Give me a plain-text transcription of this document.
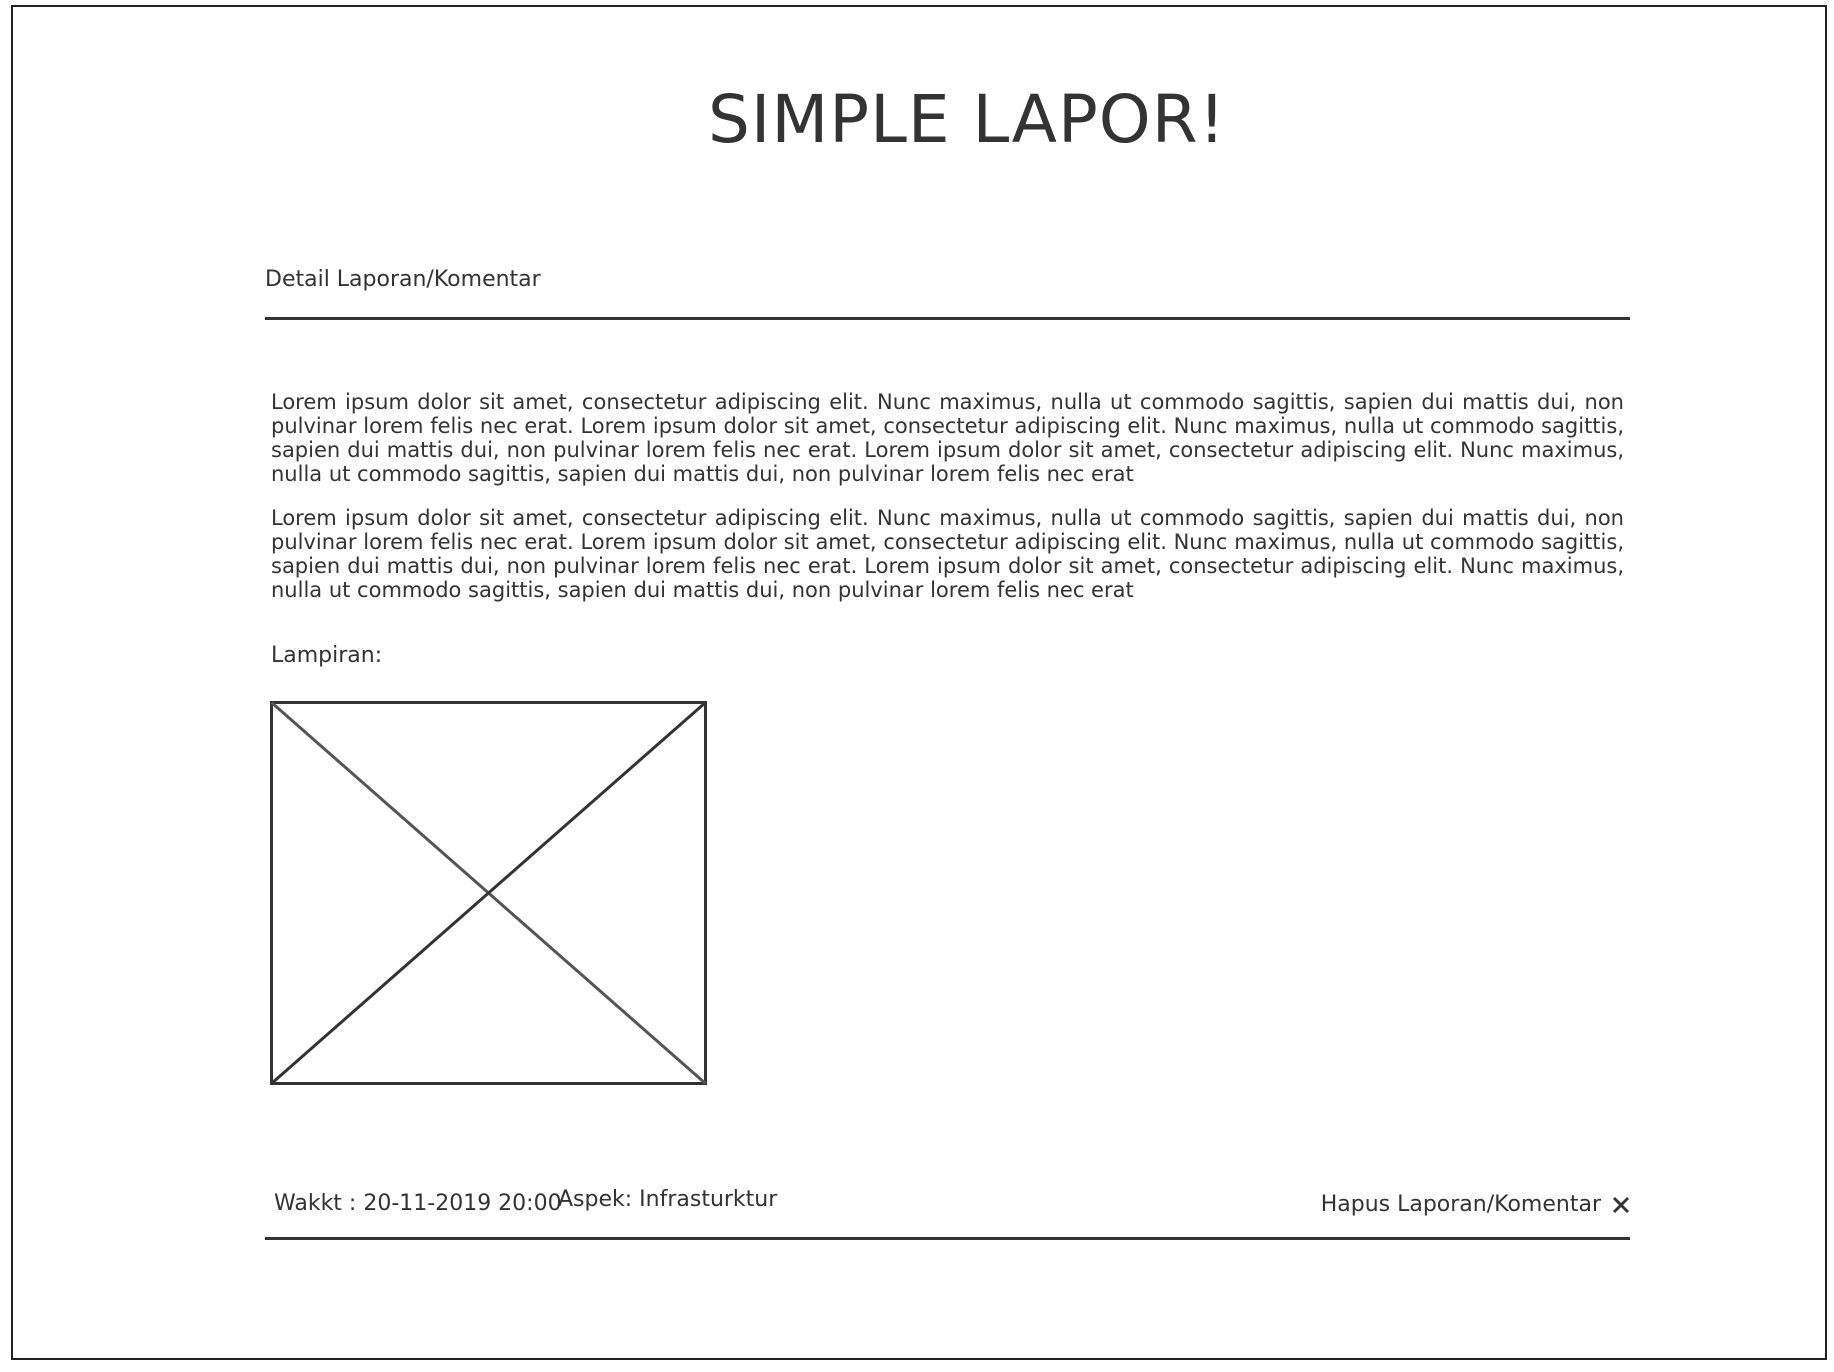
SIMPLE LAPOR!
Detail Laporan/Komentar

Lorem ipsum dolor sit amet, consectetur adipiscing elit. Nunc maximus, nulla ut commodo sagittis, sapien dui mattis dui, non pulvinar lorem felis nec erat. Lorem ipsum dolor sit amet, consectetur adipiscing elit. Nunc maximus, nulla ut commodo sagittis, sapien dui mattis dui, non pulvinar lorem felis nec erat. Lorem ipsum dolor sit amet, consectetur adipiscing elit. Nunc maximus, nulla ut commodo sagittis, sapien dui mattis dui, non pulvinar lorem felis nec erat

Lorem ipsum dolor sit amet, consectetur adipiscing elit. Nunc maximus, nulla ut commodo sagittis, sapien dui mattis dui, non pulvinar lorem felis nec erat. Lorem ipsum dolor sit amet, consectetur adipiscing elit. Nunc maximus, nulla ut commodo sagittis, sapien dui mattis dui, non pulvinar lorem felis nec erat. Lorem ipsum dolor sit amet, consectetur adipiscing elit. Nunc maximus, nulla ut commodo sagittis, sapien dui mattis dui, non pulvinar lorem felis nec erat

Lampiran:
Wakkt : 20-11-2019 20:00
Aspek: Infrasturktur	Hapus Laporan/Komentar
